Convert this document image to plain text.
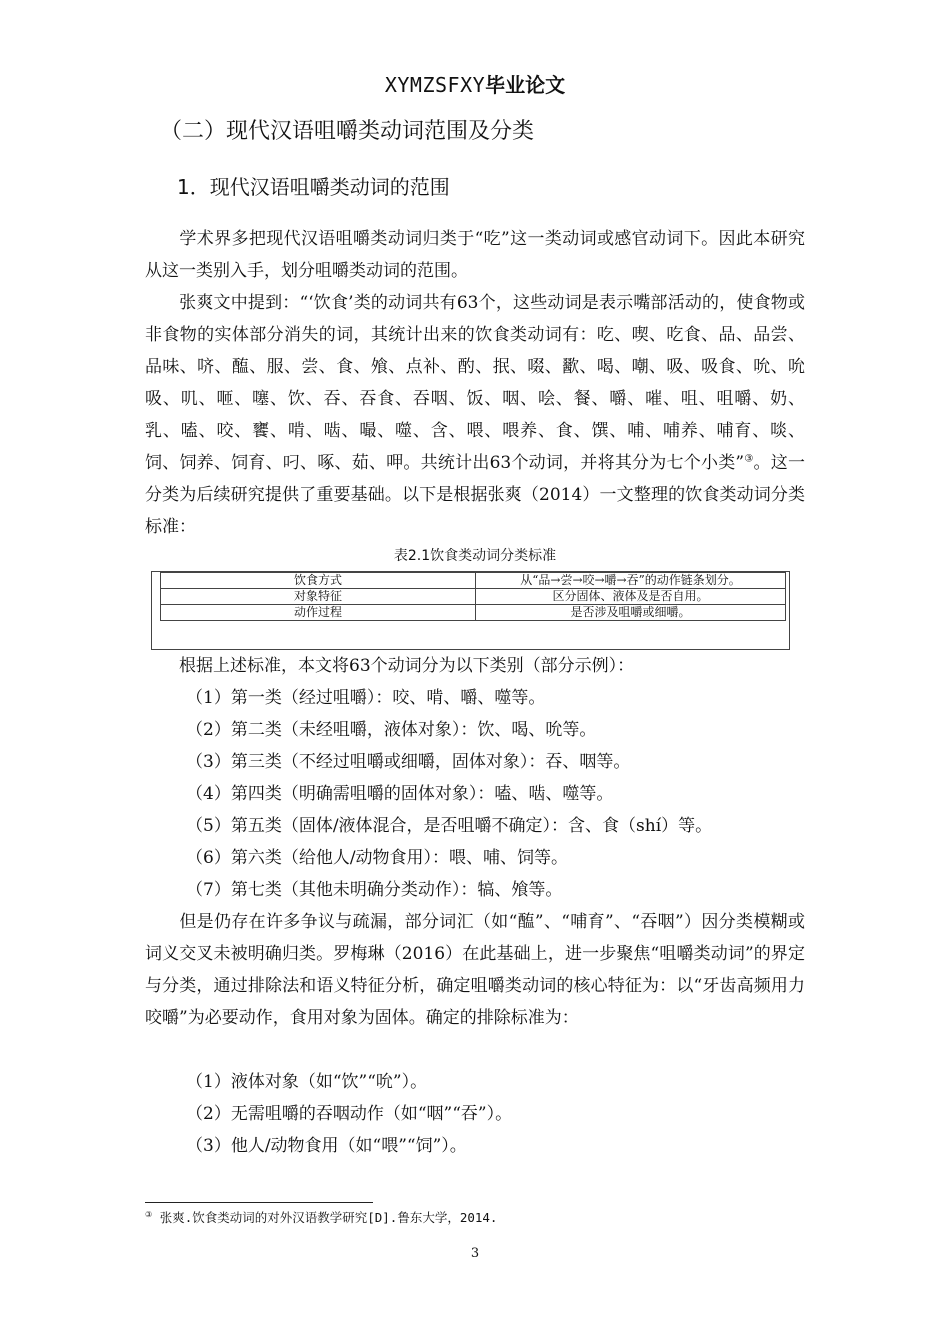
XYMZSFXY毕业论文
（二）现代汉语咀嚼类动词范围及分类
1．现代汉语咀嚼类动词的范围
学术界多把现代汉语咀嚼类动词归类于“吃”这一类动词或感官动词下。因此本研究从这一类别入手，划分咀嚼类动词的范围。
张爽文中提到：“‘饮食’类的动词共有63个，这些动词是表示嘴部活动的，使食物或非食物的实体部分消失的词，其统计出来的饮食类动词有：吃、喫、吃食、品、品尝、品味、哜、醢、服、尝、食、飧、点补、酌、抿、啜、歠、喝、嘲、吸、吸食、吮、吮吸、叽、咂、噻、饮、吞、吞食、吞咽、饭、咽、哙、餐、嚼、嗺、咀、咀嚼、奶、乳、嗑、咬、饔、啃、啮、嘬、噬、含、喂、喂养、食、馔、哺、哺养、哺育、啖、饲、饲养、饲育、叼、啄、茹、呷。共统计出63个动词，并将其分为七个小类”③。这一分类为后续研究提供了重要基础。以下是根据张爽（2014）一文整理的饮食类动词分类标准：
表2.1饮食类动词分类标准
饮食方式	从“品→尝→咬→嚼→吞”的动作链条划分。
对象特征	区分固体、液体及是否自用。
动作过程	是否涉及咀嚼或细嚼。
根据上述标准，本文将63个动词分为以下类别（部分示例）：
（1）第一类（经过咀嚼）：咬、啃、嚼、噬等。
（2）第二类（未经咀嚼，液体对象）：饮、喝、吮等。
（3）第三类（不经过咀嚼或细嚼，固体对象）：吞、咽等。
（4）第四类（明确需咀嚼的固体对象）：嗑、啮、噬等。
（5）第五类（固体/液体混合，是否咀嚼不确定）：含、食（shí）等。
（6）第六类（给他人/动物食用）：喂、哺、饲等。
（7）第七类（其他未明确分类动作）：犒、飧等。
但是仍存在许多争议与疏漏，部分词汇（如“醢”、“哺育”、“吞咽”）因分类模糊或词义交叉未被明确归类。罗梅琳（2016）在此基础上，进一步聚焦“咀嚼类动词”的界定与分类，通过排除法和语义特征分析，确定咀嚼类动词的核心特征为：以“牙齿高频用力咬嚼”为必要动作，食用对象为固体。确定的排除标准为：
（1）液体对象（如“饮”“吮”）。
（2）无需咀嚼的吞咽动作（如“咽”“吞”）。
（3）他人/动物食用（如“喂”“饲”）。
③ 张爽.饮食类动词的对外汉语教学研究[D].鲁东大学，2014.
3
